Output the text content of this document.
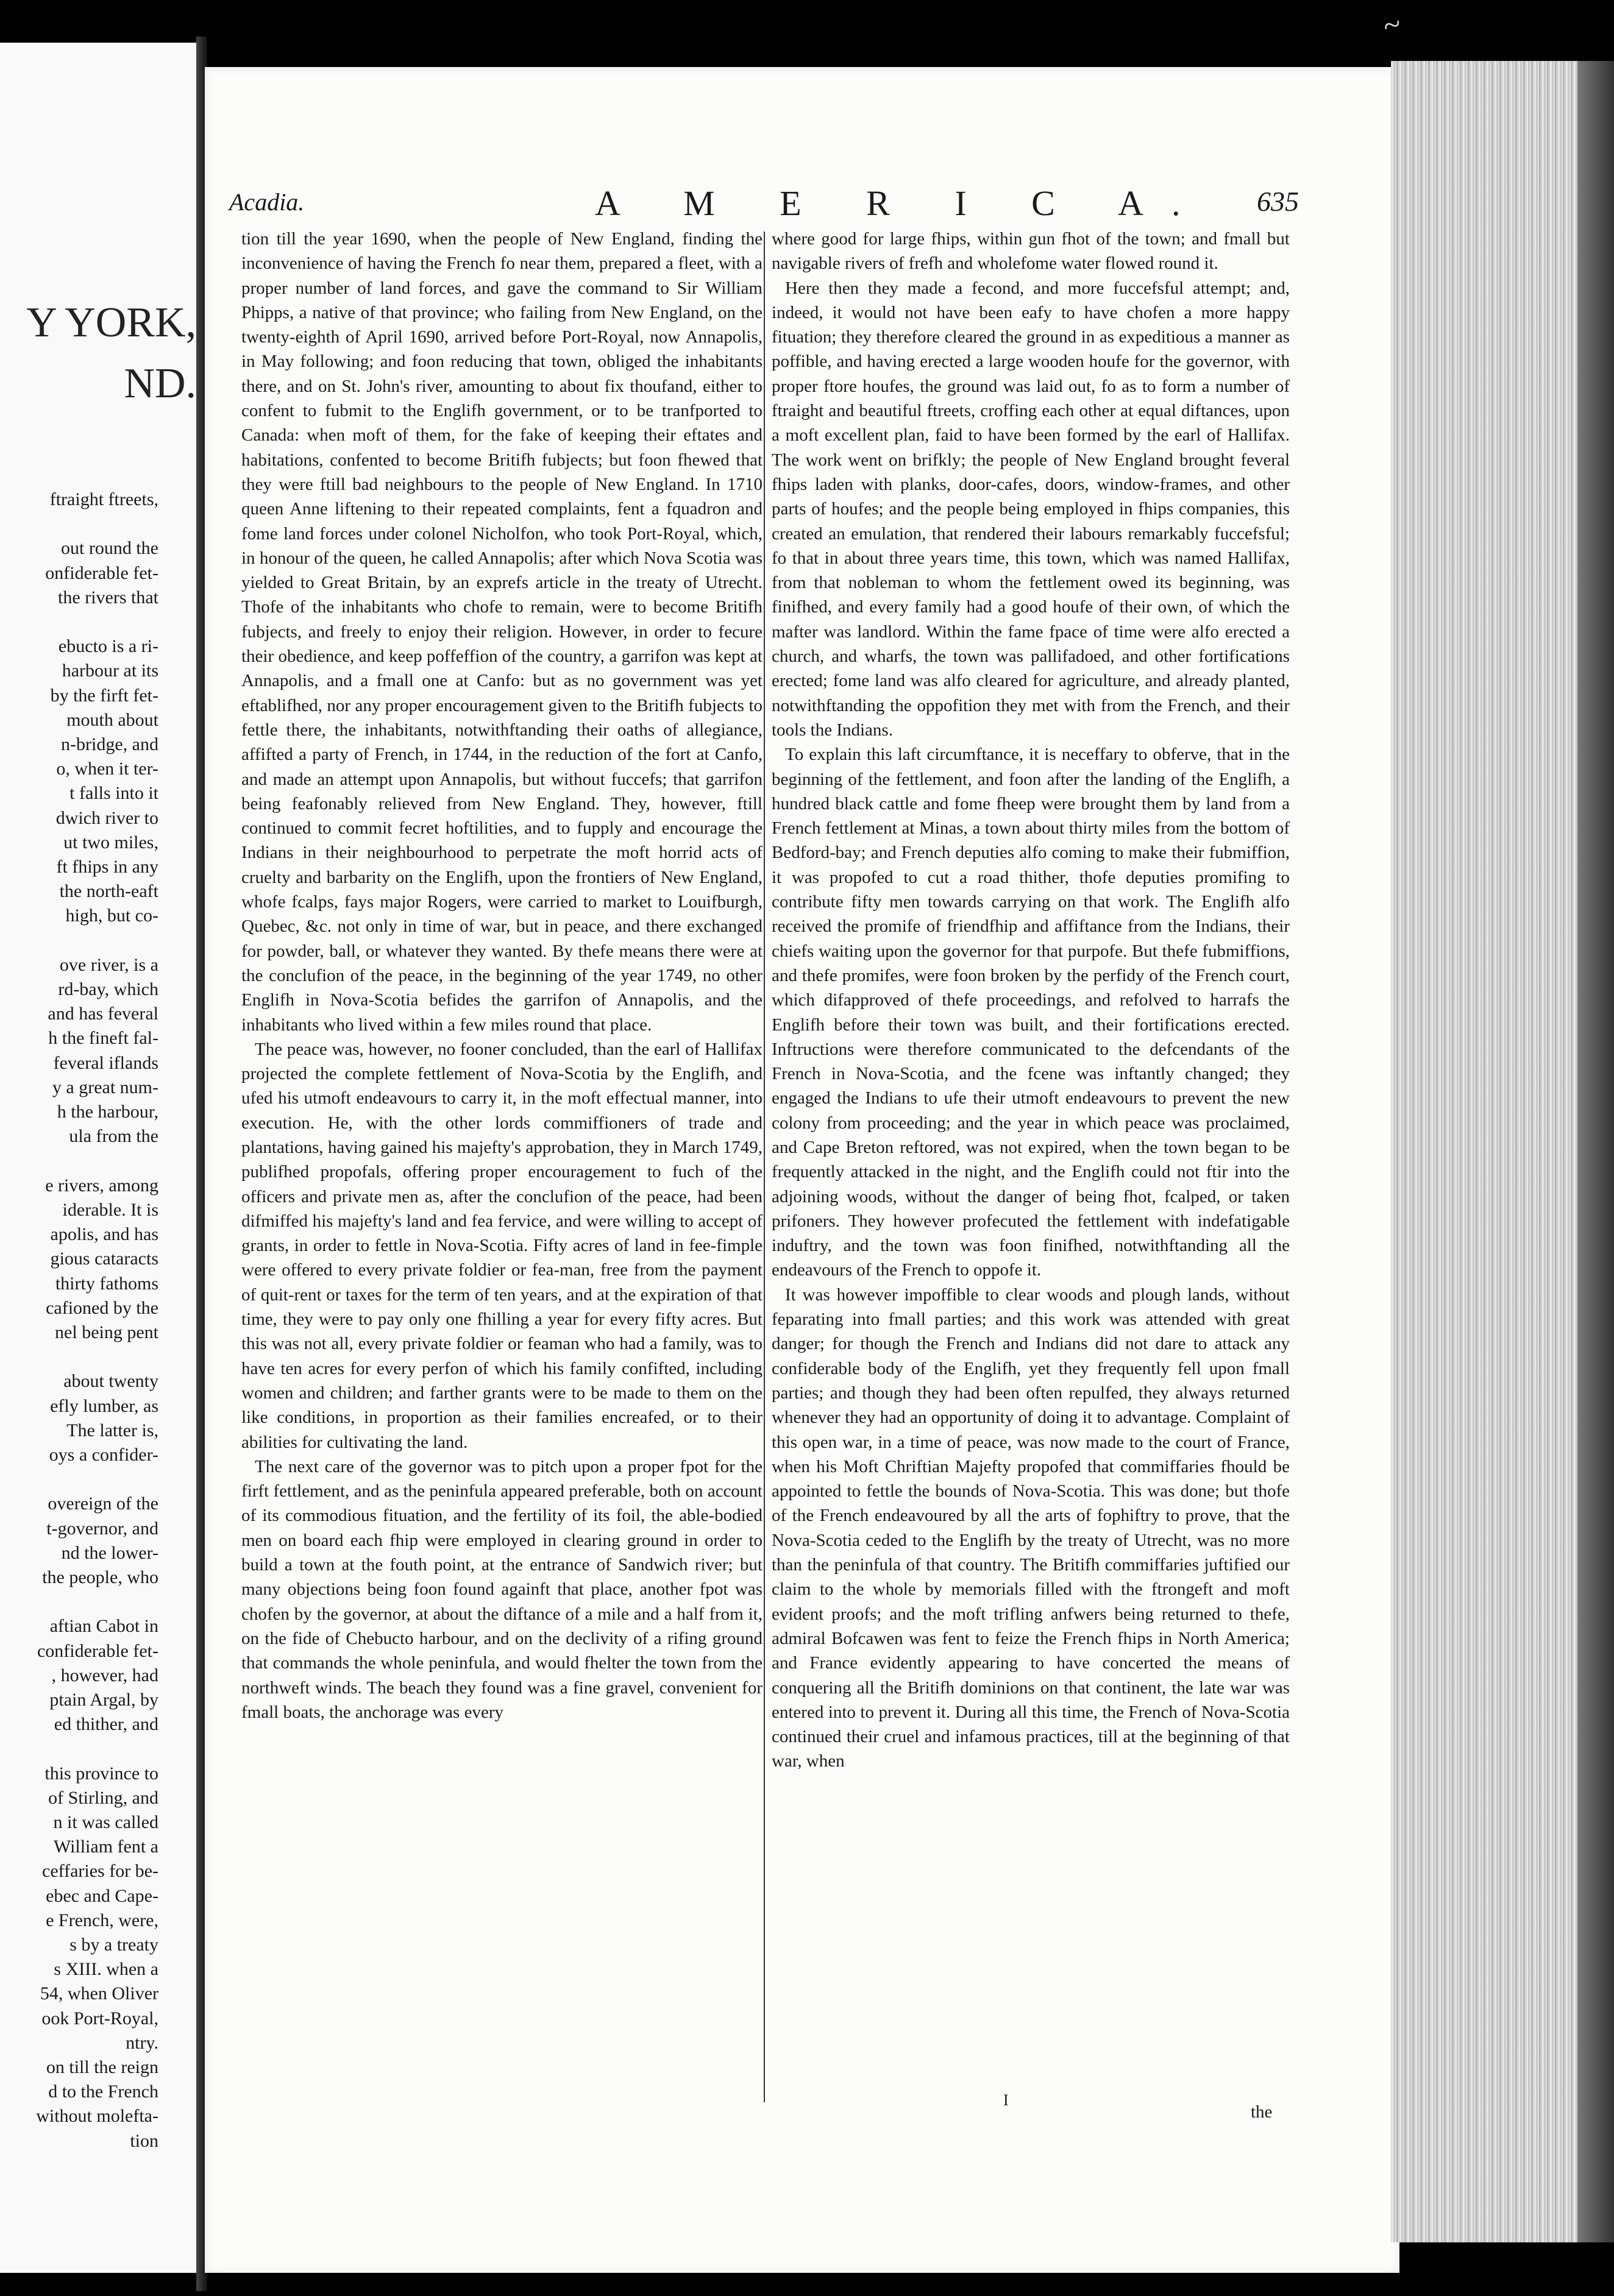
~
Y YORK,
ND.
ftraight ftreets,

out round the
onfiderable fet-
the rivers that

ebucto is a ri-
harbour at its
by the firft fet-
mouth about
n-bridge, and
o, when it ter-
t falls into it
dwich river to
ut two miles,
ft fhips in any
the north-eaft
high, but co-

ove river, is a
rd-bay, which
and has feveral
h the fineft fal-
feveral iflands
y a great num-
h the harbour,
ula from the

e rivers, among
iderable. It is
apolis, and has
gious cataracts
thirty fathoms
cafioned by the
nel being pent

about twenty
efly lumber, as
The latter is,
oys a confider-

overeign of the
t-governor, and
nd the lower-
the people, who

aftian Cabot in
confiderable fet-
, however, had
ptain Argal, by
ed thither, and

this province to
of Stirling, and
n it was called
William fent a
ceffaries for be-
ebec and Cape-
e French, were,
s by a treaty
s XIII. when a
54, when Oliver
ook Port-Royal,
ntry.
on till the reign
d to the French
without molefta-
tion
Acadia.	A M E R I C A. 635

tion till the year 1690, when the people of New England, finding the inconvenience of having the French fo near them, prepared a fleet, with a proper number of land forces, and gave the command to Sir William Phipps, a native of that province; who failing from New England, on the twenty-eighth of April 1690, arrived before Port-Royal, now Annapolis, in May following; and foon reducing that town, obliged the inhabitants there, and on St. John's river, amounting to about fix thoufand, either to confent to fubmit to the Englifh government, or to be tranfported to Canada: when moft of them, for the fake of keeping their eftates and habitations, confented to become Britifh fubjects; but foon fhewed that they were ftill bad neighbours to the people of New England. In 1710 queen Anne liftening to their repeated complaints, fent a fquadron and fome land forces under colonel Nicholfon, who took Port-Royal, which, in honour of the queen, he called Annapolis; after which Nova Scotia was yielded to Great Britain, by an exprefs article in the treaty of Utrecht. Thofe of the inhabitants who chofe to remain, were to become Britifh fubjects, and freely to enjoy their religion. However, in order to fecure their obedience, and keep poffeffion of the country, a garrifon was kept at Annapolis, and a fmall one at Canfo: but as no government was yet eftablifhed, nor any proper encouragement given to the Britifh fubjects to fettle there, the inhabitants, notwithftanding their oaths of allegiance, affifted a party of French, in 1744, in the reduction of the fort at Canfo, and made an attempt upon Annapolis, but without fuccefs; that garrifon being feafonably relieved from New England. They, however, ftill continued to commit fecret hoftilities, and to fupply and encourage the Indians in their neighbourhood to perpetrate the moft horrid acts of cruelty and barbarity on the Englifh, upon the frontiers of New England, whofe fcalps, fays major Rogers, were carried to market to Louifburgh, Quebec, &c. not only in time of war, but in peace, and there exchanged for powder, ball, or whatever they wanted. By thefe means there were at the conclufion of the peace, in the beginning of the year 1749, no other Englifh in Nova-Scotia befides the garrifon of Annapolis, and the inhabitants who lived within a few miles round that place.

The peace was, however, no fooner concluded, than the earl of Hallifax projected the complete fettlement of Nova-Scotia by the Englifh, and ufed his utmoft endeavours to carry it, in the moft effectual manner, into execution. He, with the other lords commiffioners of trade and plantations, having gained his majefty's approbation, they in March 1749, publifhed propofals, offering proper encouragement to fuch of the officers and private men as, after the conclufion of the peace, had been difmiffed his majefty's land and fea fervice, and were willing to accept of grants, in order to fettle in Nova-Scotia. Fifty acres of land in fee-fimple were offered to every private foldier or fea-man, free from the payment of quit-rent or taxes for the term of ten years, and at the expiration of that time, they were to pay only one fhilling a year for every fifty acres. But this was not all, every private foldier or feaman who had a family, was to have ten acres for every perfon of which his family confifted, including women and children; and farther grants were to be made to them on the like conditions, in proportion as their families encreafed, or to their abilities for cultivating the land.

The next care of the governor was to pitch upon a proper fpot for the firft fettlement, and as the peninfula appeared preferable, both on account of its commodious fituation, and the fertility of its foil, the able-bodied men on board each fhip were employed in clearing ground in order to build a town at the fouth point, at the entrance of Sandwich river; but many objections being foon found againft that place, another fpot was chofen by the governor, at about the diftance of a mile and a half from it, on the fide of Chebucto harbour, and on the declivity of a rifing ground that commands the whole peninfula, and would fhelter the town from the northweft winds. The beach they found was a fine gravel, convenient for fmall boats, the anchorage was every

where good for large fhips, within gun fhot of the town; and fmall but navigable rivers of frefh and wholefome water flowed round it.

Here then they made a fecond, and more fuccefsful attempt; and, indeed, it would not have been eafy to have chofen a more happy fituation; they therefore cleared the ground in as expeditious a manner as poffible, and having erected a large wooden houfe for the governor, with proper ftore houfes, the ground was laid out, fo as to form a number of ftraight and beautiful ftreets, croffing each other at equal diftances, upon a moft excellent plan, faid to have been formed by the earl of Hallifax. The work went on brifkly; the people of New England brought feveral fhips laden with planks, door-cafes, doors, window-frames, and other parts of houfes; and the people being employed in fhips companies, this created an emulation, that rendered their labours remarkably fuccefsful; fo that in about three years time, this town, which was named Hallifax, from that nobleman to whom the fettlement owed its beginning, was finifhed, and every family had a good houfe of their own, of which the mafter was landlord. Within the fame fpace of time were alfo erected a church, and wharfs, the town was pallifadoed, and other fortifications erected; fome land was alfo cleared for agriculture, and already planted, notwithftanding the oppofition they met with from the French, and their tools the Indians.

To explain this laft circumftance, it is neceffary to obferve, that in the beginning of the fettlement, and foon after the landing of the Englifh, a hundred black cattle and fome fheep were brought them by land from a French fettlement at Minas, a town about thirty miles from the bottom of Bedford-bay; and French deputies alfo coming to make their fubmiffion, it was propofed to cut a road thither, thofe deputies promifing to contribute fifty men towards carrying on that work. The Englifh alfo received the promife of friendfhip and affiftance from the Indians, their chiefs waiting upon the governor for that purpofe. But thefe fubmiffions, and thefe promifes, were foon broken by the perfidy of the French court, which difapproved of thefe proceedings, and refolved to harrafs the Englifh before their town was built, and their fortifications erected. Inftructions were therefore communicated to the defcendants of the French in Nova-Scotia, and the fcene was inftantly changed; they engaged the Indians to ufe their utmoft endeavours to prevent the new colony from proceeding; and the year in which peace was proclaimed, and Cape Breton reftored, was not expired, when the town began to be frequently attacked in the night, and the Englifh could not ftir into the adjoining woods, without the danger of being fhot, fcalped, or taken prifoners. They however profecuted the fettlement with indefatigable induftry, and the town was foon finifhed, notwithftanding all the endeavours of the French to oppofe it.

It was however impoffible to clear woods and plough lands, without feparating into fmall parties; and this work was attended with great danger; for though the French and Indians did not dare to attack any confiderable body of the Englifh, yet they frequently fell upon fmall parties; and though they had been often repulfed, they always returned whenever they had an opportunity of doing it to advantage. Complaint of this open war, in a time of peace, was now made to the court of France, when his Moft Chriftian Majefty propofed that commiffaries fhould be appointed to fettle the bounds of Nova-Scotia. This was done; but thofe of the French endeavoured by all the arts of fophiftry to prove, that the Nova-Scotia ceded to the Englifh by the treaty of Utrecht, was no more than the peninfula of that country. The Britifh commiffaries juftified our claim to the whole by memorials filled with the ftrongeft and moft evident proofs; and the moft trifling anfwers being returned to thefe, admiral Bofcawen was fent to feize the French fhips in North America; and France evidently appearing to have concerted the means of conquering all the Britifh dominions on that continent, the late war was entered into to prevent it. During all this time, the French of Nova-Scotia continued their cruel and infamous practices, till at the beginning of that war, when

I
the
